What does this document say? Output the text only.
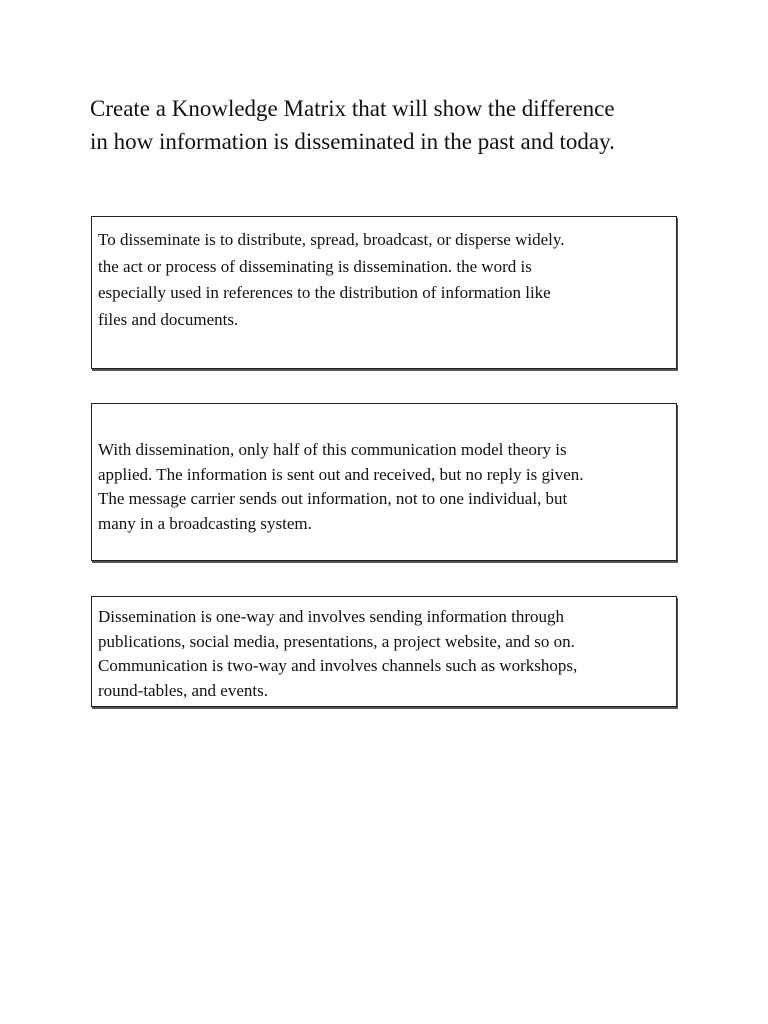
Create a Knowledge Matrix that will show the difference
in how information is disseminated in the past and today.

To disseminate is to distribute, spread, broadcast, or disperse widely.
the act or process of disseminating is dissemination. the word is
especially used in references to the distribution of information like
files and documents.

With dissemination, only half of this communication model theory is
applied. The information is sent out and received, but no reply is given.
The message carrier sends out information, not to one individual, but
many in a broadcasting system.

Dissemination is one-way and involves sending information through
publications, social media, presentations, a project website, and so on.
Communication is two-way and involves channels such as workshops,
round-tables, and events.
